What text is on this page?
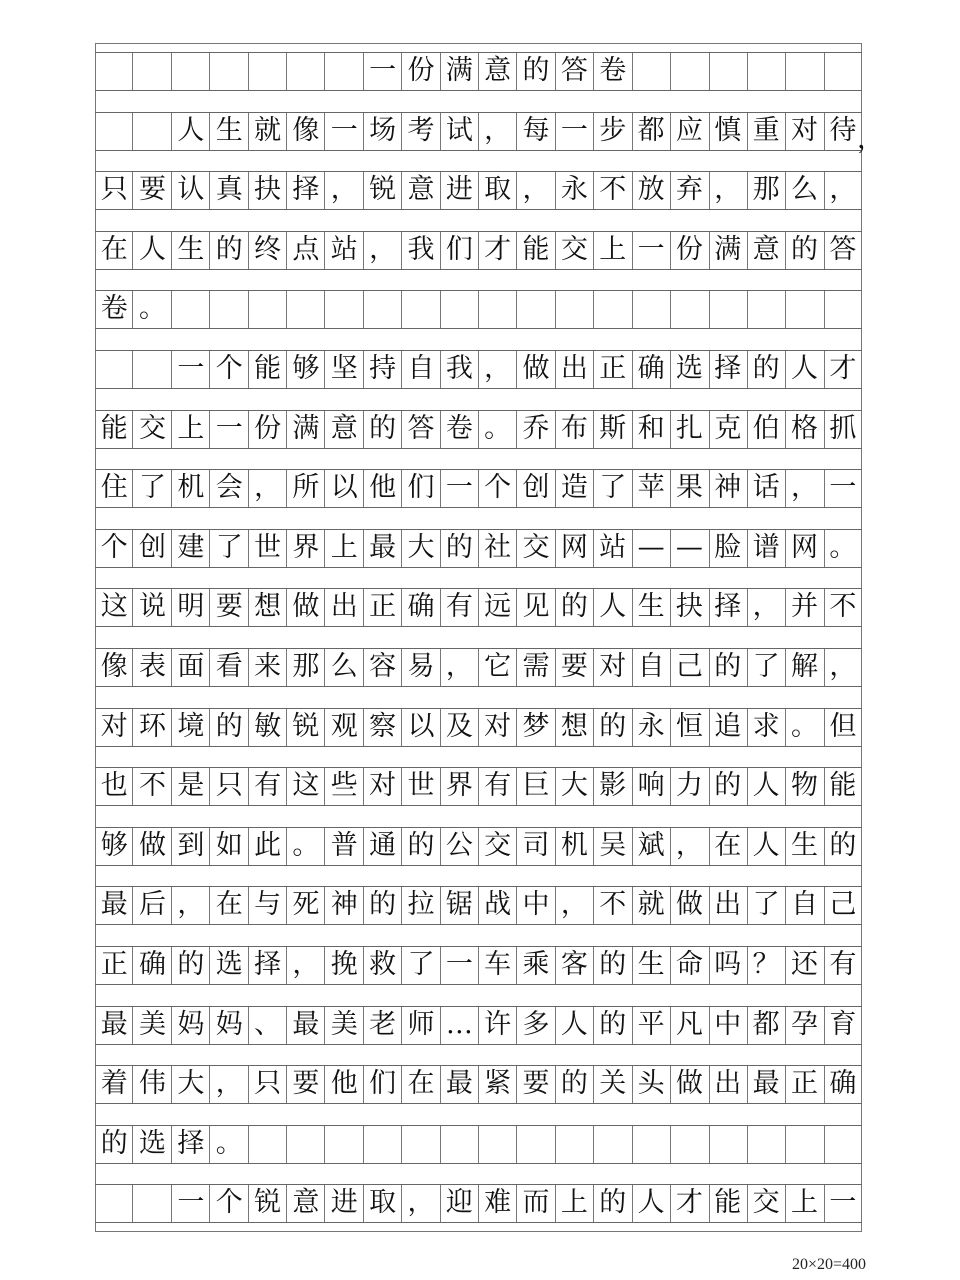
　　　　　　　一份满意的答卷　　　　　　
　　人生就像一场考试，每一步都应慎重对待
，
只要认真抉择，锐意进取，永不放弃，那么，
在人生的终点站，我们才能交上一份满意的答
卷。　　　　　　　　　　　　　　　　　　
　　一个能够坚持自我，做出正确选择的人才
能交上一份满意的答卷。乔布斯和扎克伯格抓
住了机会，所以他们一个创造了苹果神话，一
个创建了世界上最大的社交网站——脸谱网。
这说明要想做出正确有远见的人生抉择，并不
像表面看来那么容易，它需要对自己的了解，
对环境的敏锐观察以及对梦想的永恒追求。但
也不是只有这些对世界有巨大影响力的人物能
够做到如此。普通的公交司机吴斌，在人生的
最后，在与死神的拉锯战中，不就做出了自己
正确的选择，挽救了一车乘客的生命吗？还有
最美妈妈、最美老师…许多人的平凡中都孕育
着伟大，只要他们在最紧要的关头做出最正确
的选择。　　　　　　　　　　　　　　　　
　　一个锐意进取，迎难而上的人才能交上一
20×20=400
